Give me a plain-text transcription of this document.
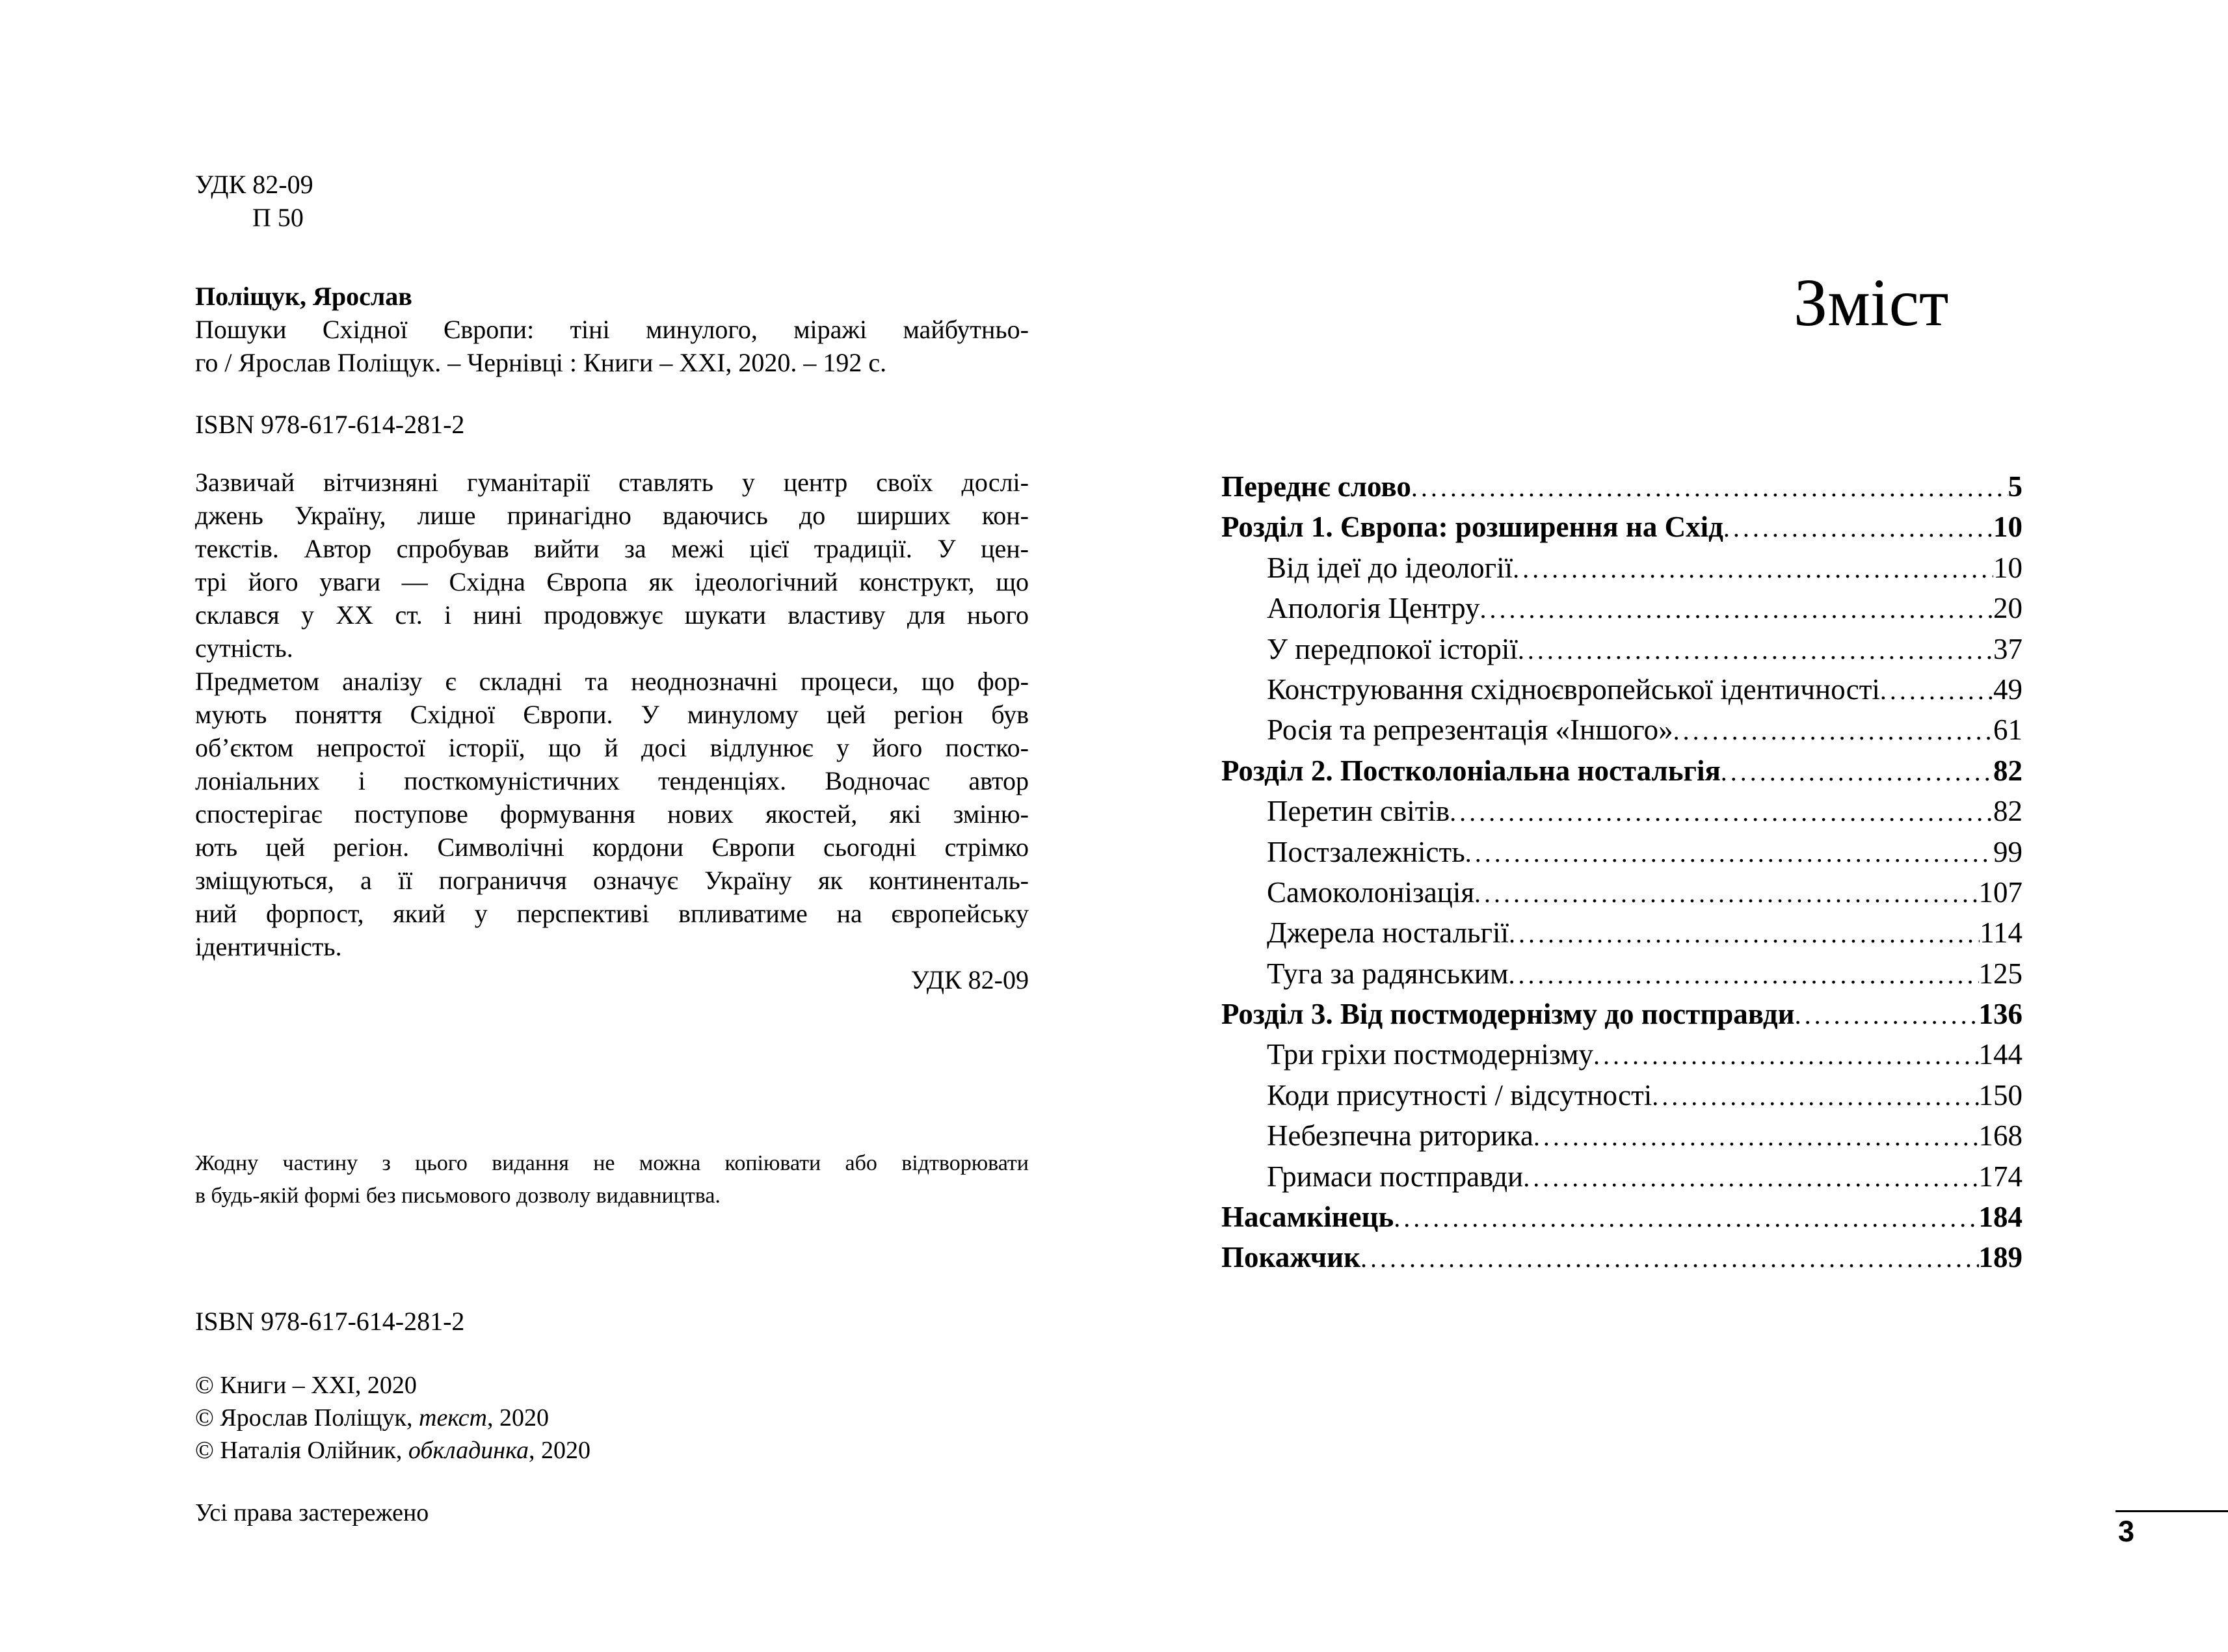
УДК 82-09
П 50
Поліщук, Ярослав
Пошуки Східної Європи: тіні минулого, міражі майбутньо-
го / Ярослав Поліщук. – Чернівці : Книги – XXI, 2020. – 192 с.
ISBN 978-617-614-281-2
Зазвичай вітчизняні гуманітарії ставлять у центр своїх дослі-
джень Україну, лише принагідно вдаючись до ширших кон-
текстів. Автор спробував вийти за межі цієї традиції. У цен-
трі його уваги — Східна Європа як ідеологічний конструкт, що
склався у XX ст. і нині продовжує шукати властиву для нього
сутність.
Предметом аналізу є складні та неоднозначні процеси, що фор-
мують поняття Східної Європи. У минулому цей регіон був
об’єктом непростої історії, що й досі відлунює у його постко-
лоніальних і посткомуністичних тенденціях. Водночас автор
спостерігає поступове формування нових якостей, які зміню-
ють цей регіон. Символічні кордони Європи сьогодні стрімко
зміщуються, а її пограниччя означує Україну як континенталь-
ний форпост, який у перспективі впливатиме на європейську
ідентичність.
УДК 82-09
Жодну частину з цього видання не можна копіювати або відтворювати
в будь-якій формі без письмового дозволу видавництва.
ISBN 978-617-614-281-2
© Книги – XXI, 2020
© Ярослав Поліщук, текст, 2020
© Наталія Олійник, обкладинка, 2020
Усі права застережено
Зміст
Переднє слово .....	5
Розділ 1. Європа: розширення на Схід .....	10
Від ідеї до ідеології .....	10
Апологія Центру .....	20
У передпокої історії .....	37
Конструювання східноєвропейської ідентичності .....	49
Росія та репрезентація «Іншого» .....	61
Розділ 2. Постколоніальна ностальгія .....	82
Перетин світів .....	82
Постзалежність .....	99
Самоколонізація .....	107
Джерела ностальгії .....	114
Туга за радянським .....	125
Розділ 3. Від постмодернізму до постправди .....	136
Три гріхи постмодернізму .....	144
Коди присутності / відсутності .....	150
Небезпечна риторика .....	168
Гримаси постправди .....	174
Насамкінець .....	184
Покажчик .....	189
3
